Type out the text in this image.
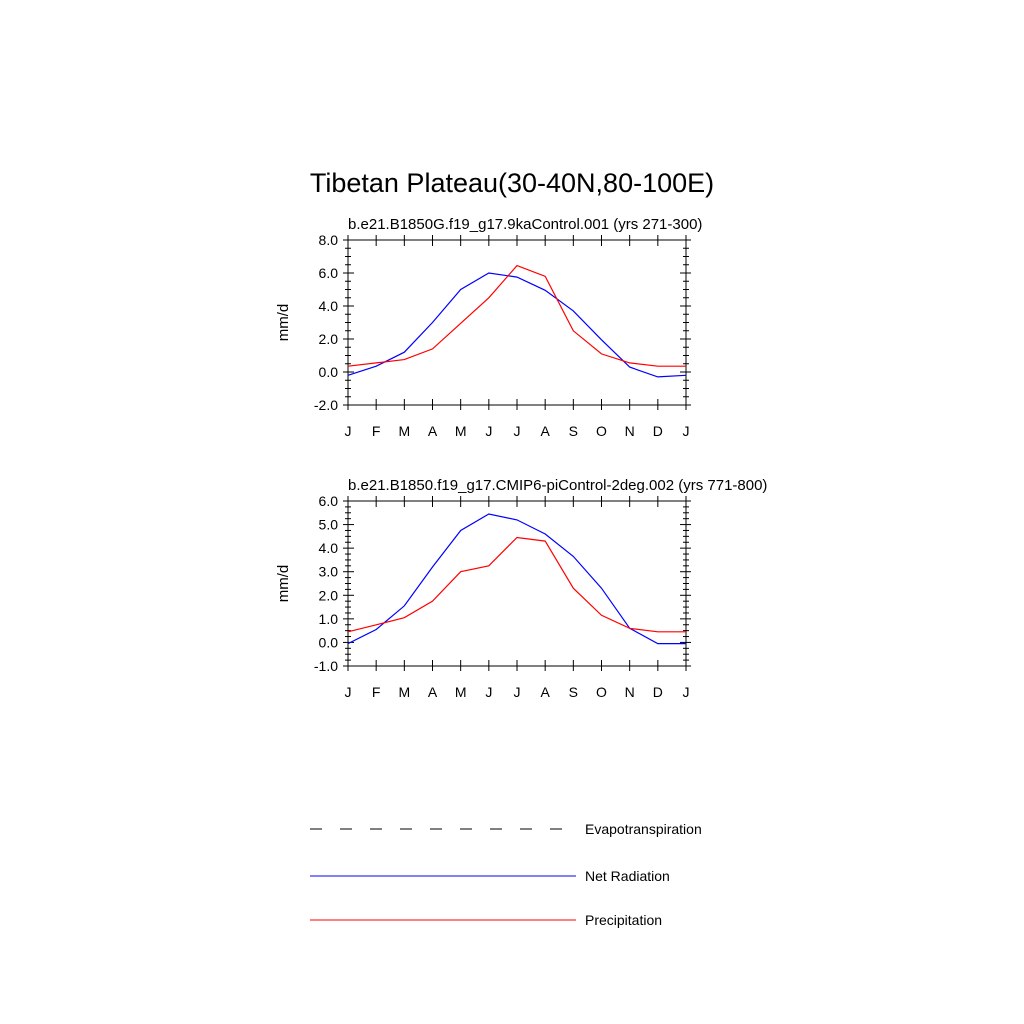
Tibetan Plateau(30-40N,80-100E)
b.e21.B1850G.f19_g17.9kaControl.001 (yrs 271-300)
-2.0
0.0
2.0
4.0
6.0
8.0
J F M A M J J A S O N D J
mm/d
b.e21.B1850.f19_g17.CMIP6-piControl-2deg.002 (yrs 771-800)
-1.0
0.0
1.0
2.0
3.0
4.0
5.0
6.0
J F M A M J J A S O N D J
mm/d
Evapotranspiration
Net Radiation
Precipitation
